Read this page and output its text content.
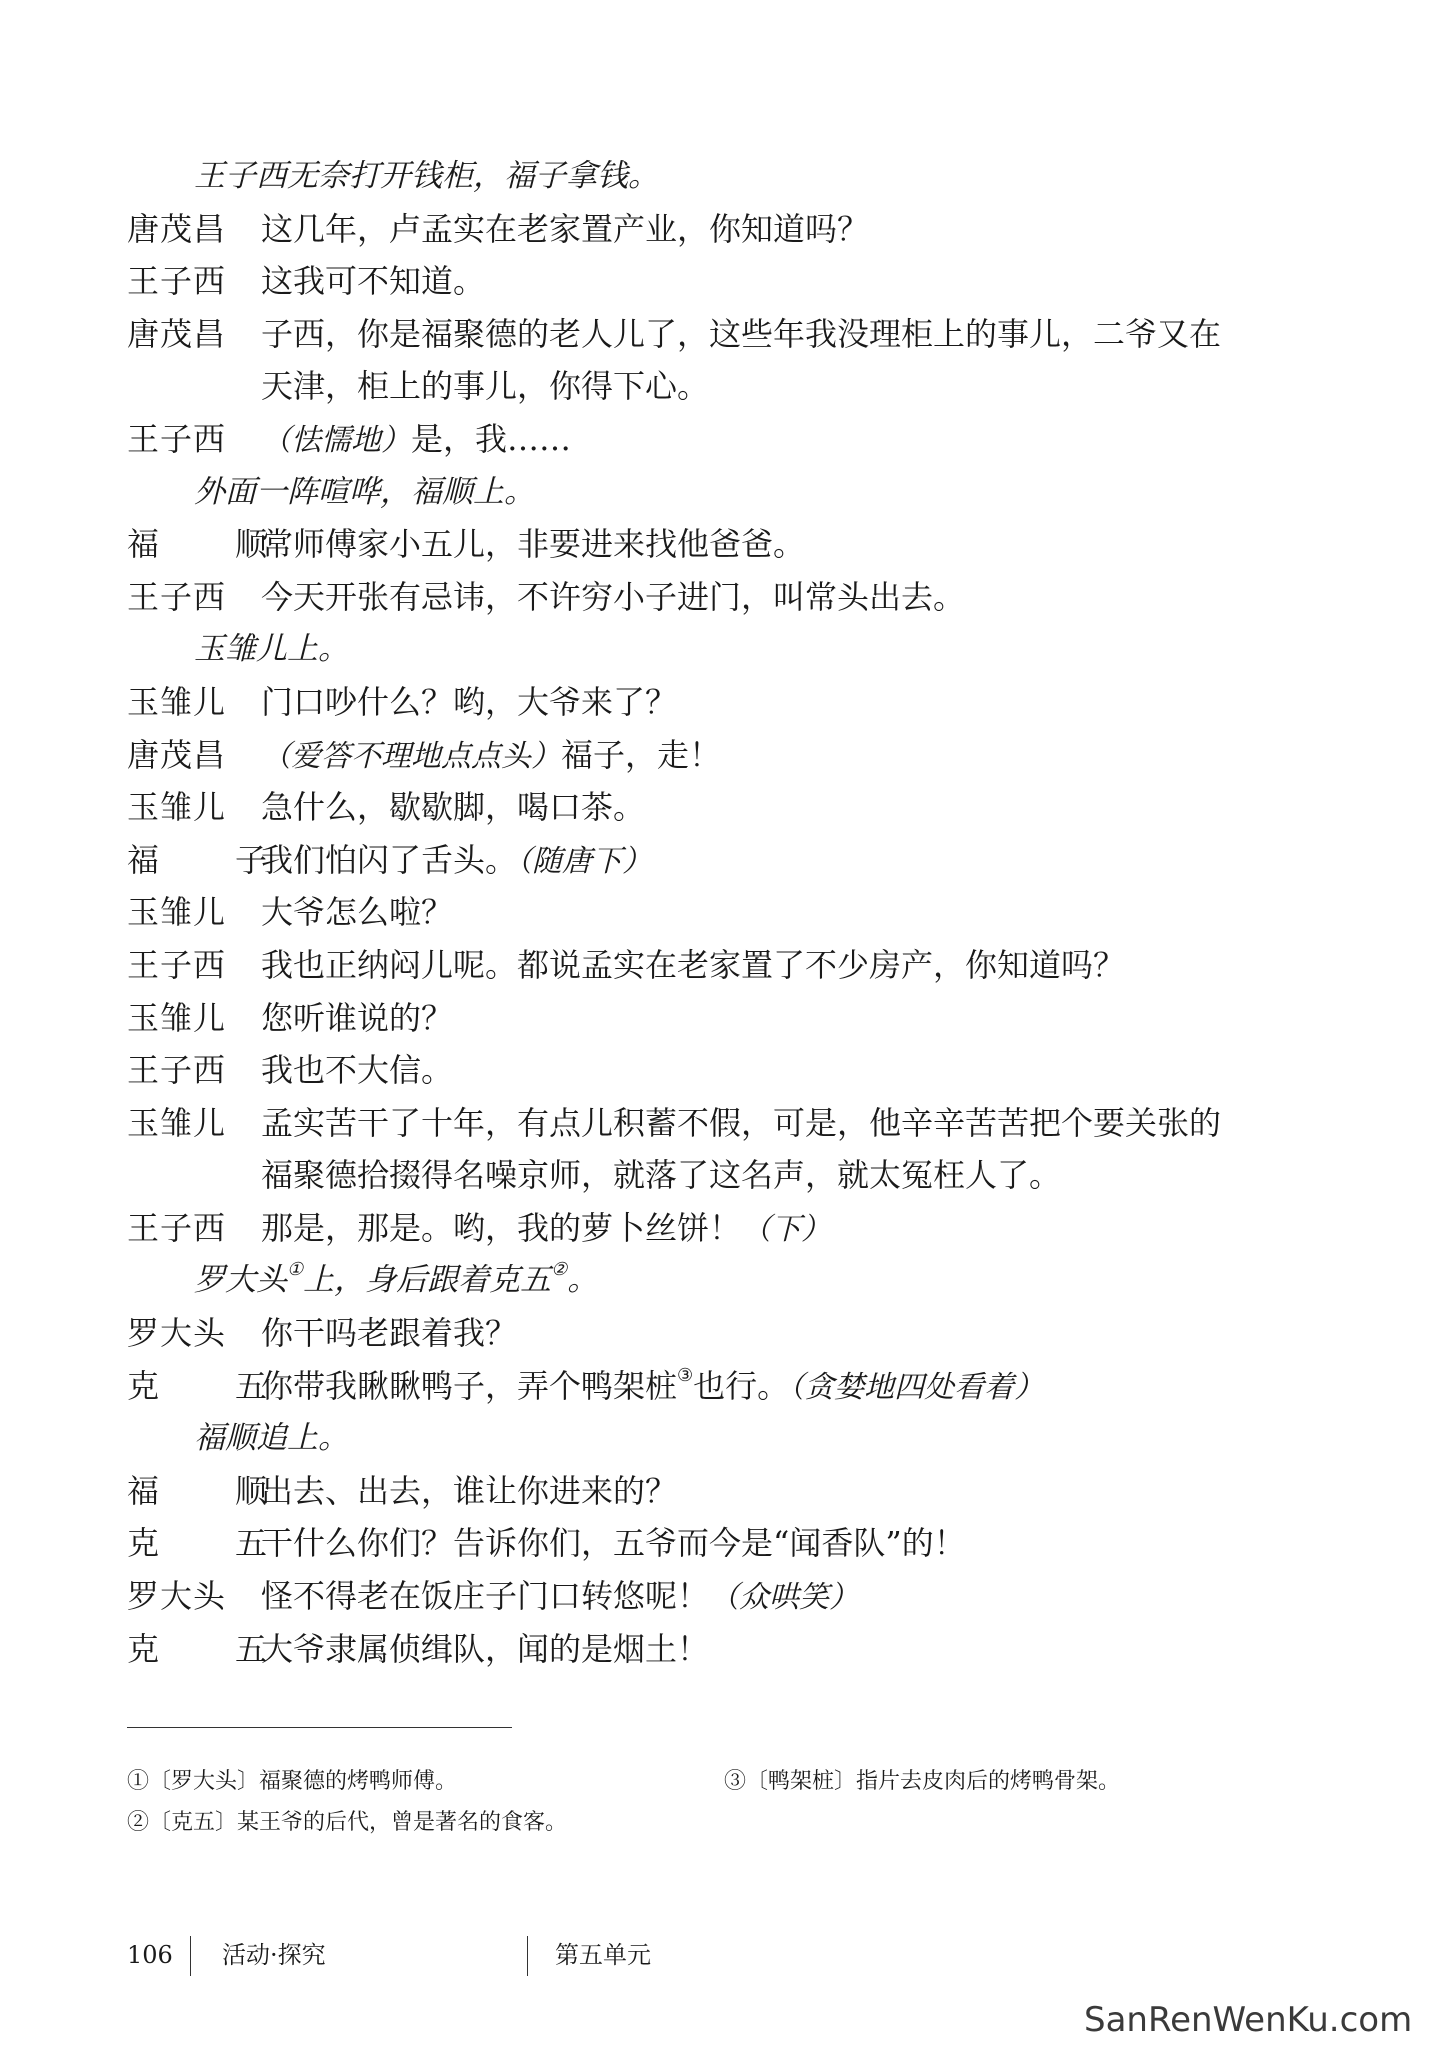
王子西无奈打开钱柜，福子拿钱。
唐茂昌 这几年，卢孟实在老家置产业，你知道吗？
王子西 这我可不知道。
唐茂昌 子西，你是福聚德的老人儿了，这些年我没理柜上的事儿，二爷又在
天津，柜上的事儿，你得下心。
王子西 （怯懦地）是，我……
外面一阵喧哗，福顺上。
福　顺
常师傅家小五儿，非要进来找他爸爸。
王子西 今天开张有忌讳，不许穷小子进门，叫常头出去。
玉雏儿上。
玉雏儿 门口吵什么？哟，大爷来了？
唐茂昌 （爱答不理地点点头）福子，走！
玉雏儿 急什么，歇歇脚，喝口茶。
福　子
我们怕闪了舌头。（随唐下）
玉雏儿 大爷怎么啦？
王子西 我也正纳闷儿呢。都说孟实在老家置了不少房产，你知道吗？
玉雏儿 您听谁说的？
王子西 我也不大信。
玉雏儿 孟实苦干了十年，有点儿积蓄不假，可是，他辛辛苦苦把个要关张的
福聚德拾掇得名噪京师，就落了这名声，就太冤枉人了。
王子西 那是，那是。哟，我的萝卜丝饼！（下）
罗大头①上，身后跟着克五②。
罗大头 你干吗老跟着我？
克　五
你带我瞅瞅鸭子，弄个鸭架桩③也行。（贪婪地四处看着）
福顺追上。
福　顺
出去、出去，谁让你进来的？
克　五
干什么你们？告诉你们，五爷而今是“闻香队”的！
罗大头 怪不得老在饭庄子门口转悠呢！（众哄笑）
克　五
大爷隶属侦缉队，闻的是烟土！
①〔罗大头〕福聚德的烤鸭师傅。
②〔克五〕某王爷的后代，曾是著名的食客。
③〔鸭架桩〕指片去皮肉后的烤鸭骨架。
106 活动·探究	第五单元
SanRenWenKu.com
